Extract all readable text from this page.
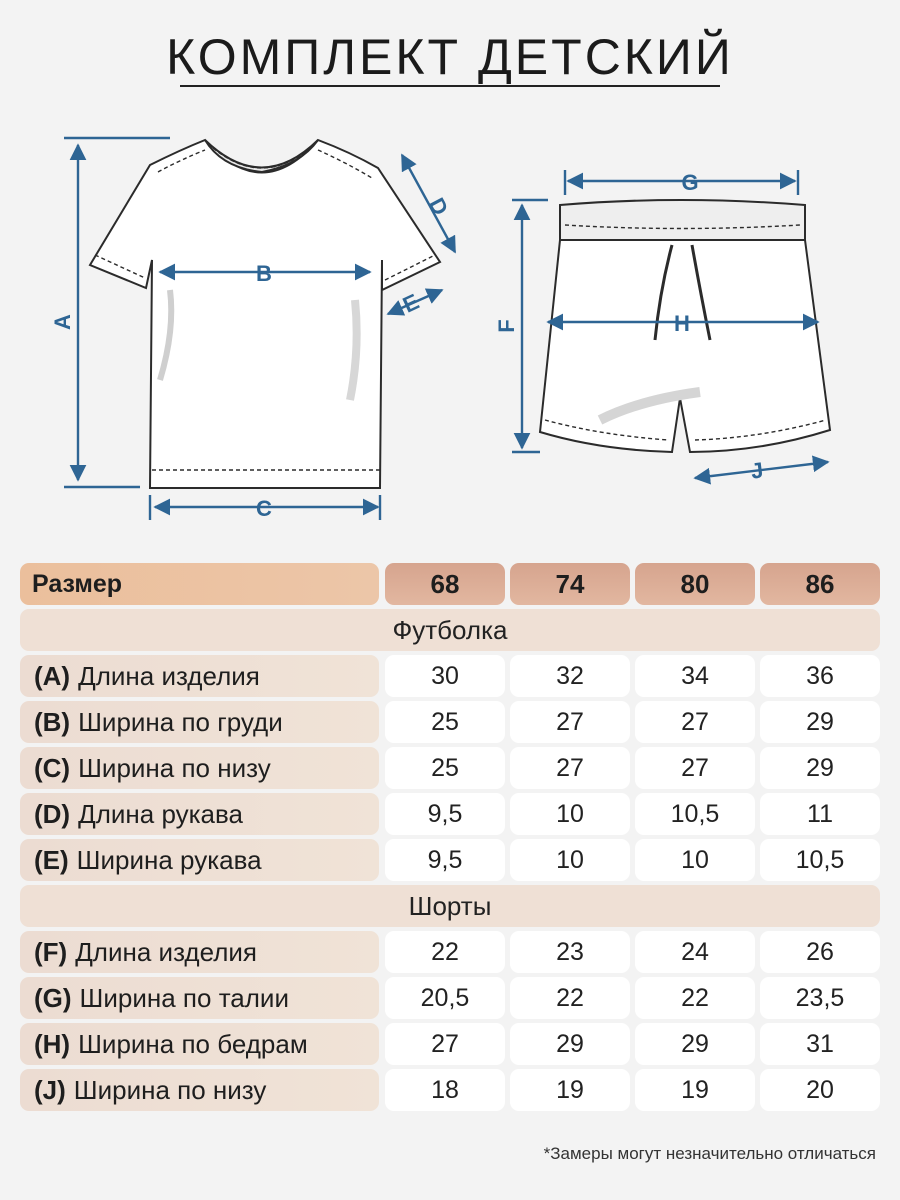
КОМПЛЕКТ ДЕТСКИЙ
A
B
C
D
E
G
F	H
J
Размер	68	74	80	86
Футболка
(A) Длина изделия	30	32	34	36
(B) Ширина по груди	25	27	27	29
(C) Ширина по низу	25	27	27	29
(D) Длина рукава	9,5	10	10,5	11
(E) Ширина рукава	9,5	10	10	10,5
Шорты
(F) Длина изделия	22	23	24	26
(G) Ширина по талии	20,5	22	22	23,5
(H) Ширина по бедрам	27	29	29	31
(J) Ширина по низу	18	19	19	20
*Замеры могут незначительно отличаться
